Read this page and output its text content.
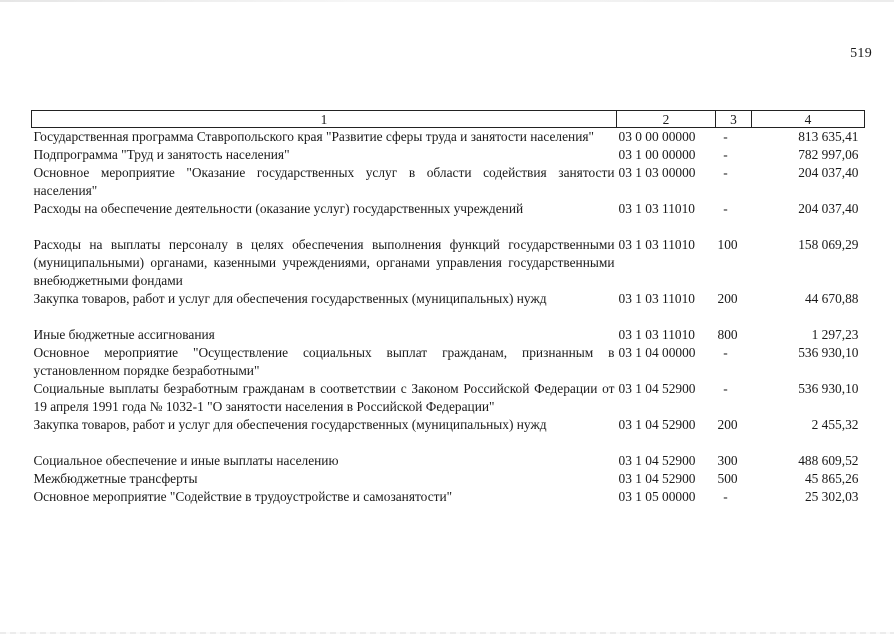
519
1	2	3	4
Государственная программа Ставропольского края "Развитие сферы труда и занятости населения"	03 0 00 00000	-	813 635,41
Подпрограмма "Труд и занятость населения"	03 1 00 00000	-	782 997,06
Основное мероприятие "Оказание государственных услуг в области содействия занятости населения"	03 1 03 00000	-	204 037,40
Расходы на обеспечение деятельности (оказание услуг) государственных учреждений	03 1 03 11010	-	204 037,40
Расходы на выплаты персоналу в целях обеспечения выполнения функций государственными (муниципальными) органами, казенными учреждениями, органами управления государственными внебюджетными фондами	03 1 03 11010	100	158 069,29
Закупка товаров, работ и услуг для обеспечения государственных (муниципальных) нужд	03 1 03 11010	200	44 670,88
Иные бюджетные ассигнования	03 1 03 11010	800	1 297,23
Основное мероприятие "Осуществление социальных выплат гражданам, признанным в установленном порядке безработными"	03 1 04 00000	-	536 930,10
Социальные выплаты безработным гражданам в соответствии с Законом Российской Федерации от 19 апреля 1991 года № 1032-1 "О занятости населения в Российской Федерации"	03 1 04 52900	-	536 930,10
Закупка товаров, работ и услуг для обеспечения государственных (муниципальных) нужд	03 1 04 52900	200	2 455,32
Социальное обеспечение и иные выплаты населению	03 1 04 52900	300	488 609,52
Межбюджетные трансферты	03 1 04 52900	500	45 865,26
Основное мероприятие "Содействие в трудоустройстве и самозанятости"	03 1 05 00000	-	25 302,03
